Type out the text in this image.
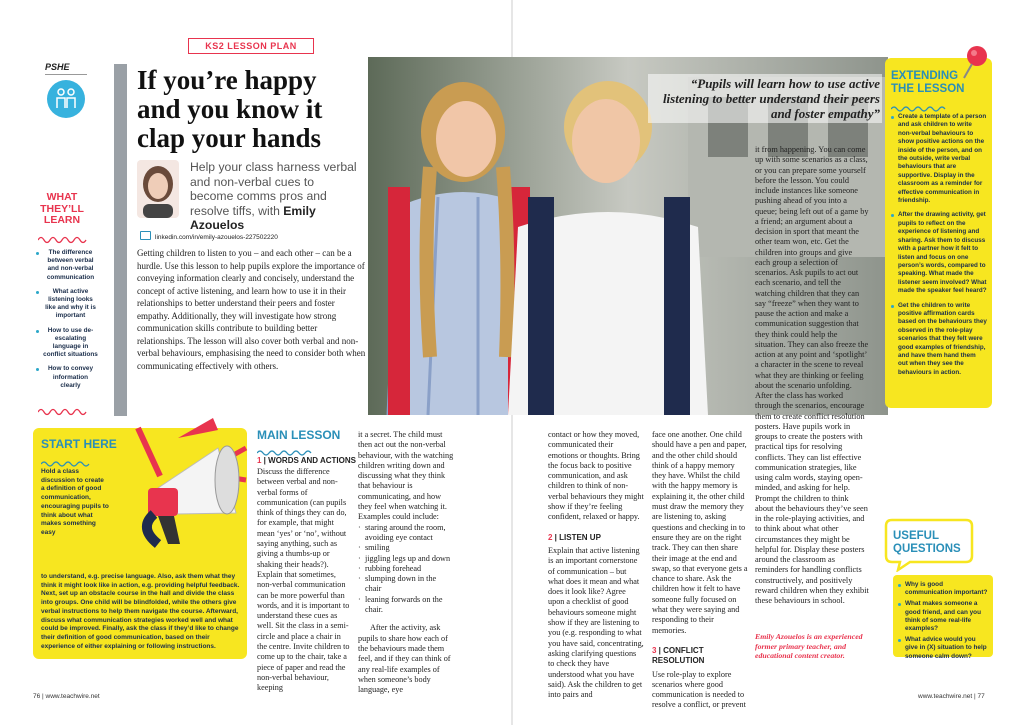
KS2 LESSON PLAN
PSHE	If you’re happy
and you know it
clap your hands
Help your class harness verbal and non-verbal cues to become comms pros and resolve tiffs, with Emily Azouelos
linkedin.com/in/emily-azouelos-227502220
Getting children to listen to you – and each other – can be a hurdle. Use this lesson to help pupils explore the importance of conveying information clearly and concisely, understand the concept of active listening, and learn how to use it in their relationships to better understand their peers and foster empathy. Additionally, they will investigate how strong communication skills contribute to building better relationships. The lesson will also cover both verbal and non-verbal behaviours, emphasising the need to consider both when communicating effectively with others.
WHAT
THEY’LL
LEARN
The difference between verbal and non-verbal communication
What active listening looks like and why it is important
How to use de-escalating language in conflict situations
How to convey information clearly
“Pupils will learn how to use active listening to better understand their peers and foster empathy”
EXTENDING
THE LESSON
Create a template of a person and ask children to write non-verbal behaviours to show positive actions on the inside of the person, and on the outside, write verbal behaviours that are supportive. Display in the classroom as a reminder for effective communication in friendship.
After the drawing activity, get pupils to reflect on the experience of listening and sharing. Ask them to discuss with a partner how it felt to listen and focus on one person’s words, compared to speaking. What made the listener seem involved? What made the speaker feel heard?
Get the children to write positive affirmation cards based on the behaviours they observed in the role-play scenarios that they felt were good examples of friendship, and have them hand them out when they see the behaviours in action.
START HERE
Hold a class discussion to create a definition of good communication, encouraging pupils to think about what makes something easy
to understand, e.g. precise language. Also, ask them what they think it might look like in action, e.g. providing helpful feedback. Next, set up an obstacle course in the hall and divide the class into groups. One child will be blindfolded, while the others give verbal instructions to help them navigate the course. Afterward, discuss what communication strategies worked well and what could be improved. Finally, ask the class if they’d like to change their definition of good communication, based on their experience of either explaining or following instructions.
MAIN LESSON
1 | WORDS AND ACTIONS
Discuss the difference between verbal and non-verbal forms of communication (can pupils think of things they can do, for example, that might mean ‘yes’ or ‘no’, without saying anything, such as giving a thumbs-up or shaking their heads?). Explain that sometimes, non-verbal communication can be more powerful than words, and it is important to understand these cues as well. Sit the class in a semi-circle and place a chair in the centre. Invite children to come up to the chair, take a piece of paper and read the non-verbal behaviour, keeping
it a secret. The child must then act out the non-verbal behaviour, with the watching children writing down and discussing what they think that behaviour is communicating, and how they feel when watching it. Examples could include:
· staring around the room, avoiding eye contact
· smiling
· jiggling legs up and down
· rubbing forehead
· slumping down in the chair
· leaning forwards on the chair.
After the activity, ask pupils to share how each of the behaviours made them feel, and if they can think of any real-life examples of when someone’s body language, eye
contact or how they moved, communicated their emotions or thoughts. Bring the focus back to positive communication, and ask children to think of non-verbal behaviours they might show if they’re feeling confident, relaxed or happy.
2 | LISTEN UP
Explain that active listening is an important cornerstone of communication – but what does it mean and what does it look like? Agree upon a checklist of good behaviours someone might show if they are listening to you (e.g. responding to what you have said, concentrating, asking clarifying questions to check they have understood what you have said). Ask the children to get into pairs and
face one another. One child should have a pen and paper, and the other child should think of a happy memory they have. Whilst the child with the happy memory is explaining it, the other child must draw the memory they are listening to, asking questions and checking in to ensure they are on the right track. They can then share their image at the end and swap, so that everyone gets a chance to share. Ask the children how it felt to have someone fully focused on what they were saying and responding to their memories.
3 | CONFLICT RESOLUTION
Use role-play to explore scenarios where good communication is needed to resolve a conflict, or prevent
it from happening. You can come up with some scenarios as a class, or you can prepare some yourself before the lesson. You could include instances like someone pushing ahead of you into a queue; being left out of a game by a friend; an argument about a decision in sport that meant the other team won, etc. Get the children into groups and give each group a selection of scenarios. Ask pupils to act out each scenario, and tell the watching children that they can say “freeze” when they want to pause the action and make a communication suggestion that they think could help the situation. They can also freeze the action at any point and ‘spotlight’ a character in the scene to reveal what they are thinking or feeling about the scenario unfolding. After the class has worked through the scenarios, encourage them to create conflict resolution posters. Have pupils work in groups to create the posters with practical tips for resolving conflicts. They can list effective communication strategies, like using calm words, staying open-minded, and asking for help. Prompt the children to think about the behaviours they’ve seen in the role-playing activities, and to think about what other circumstances they might be helpful for. Display these posters around the classroom as reminders for handling conflicts constructively, and positively reward children when they exhibit these behaviours in school.
Emily Azouelos is an experienced former primary teacher, and educational content creator.
USEFUL
QUESTIONS
Why is good communication important?
What makes someone a good friend, and can you think of some real-life examples?
What advice would you give in (X) situation to help someone calm down?
76 | www.teachwire.net	www.teachwire.net | 77
